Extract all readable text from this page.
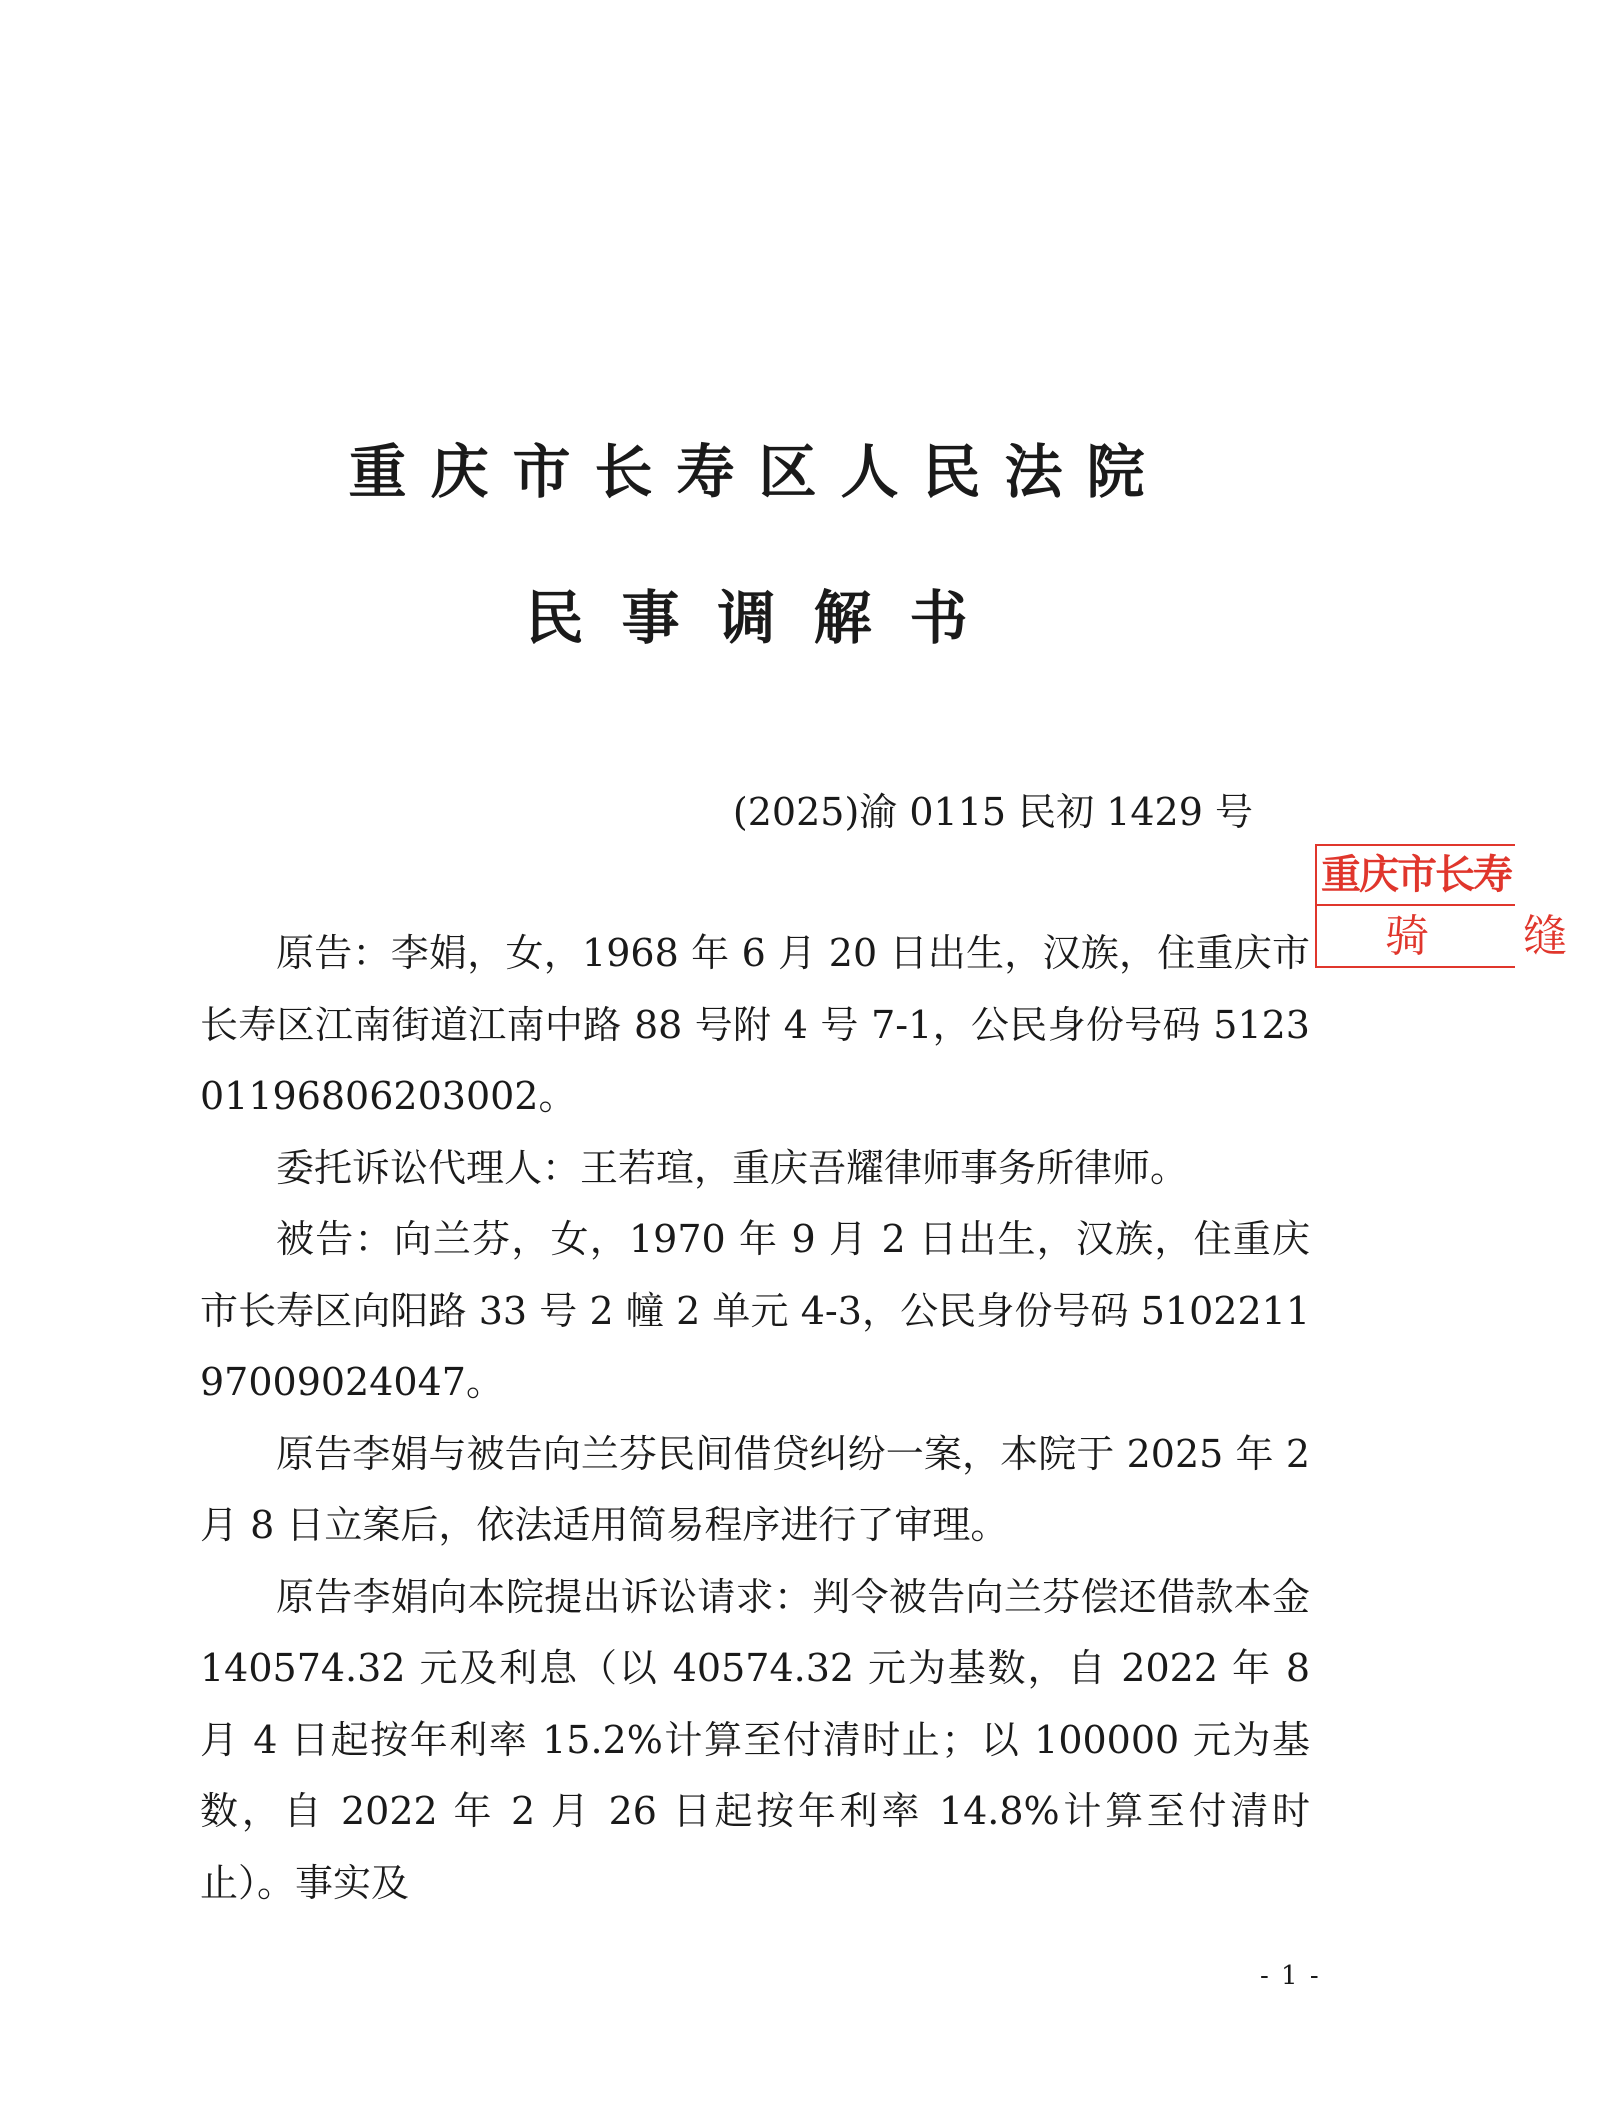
重庆市长寿区人民法院
民事调解书
(2025)渝 0115 民初 1429 号
重庆市长寿
骑 缝

原告：李娟，女，1968 年 6 月 20 日出生，汉族，住重庆市长寿区江南街道江南中路 88 号附 4 号 7-1，公民身份号码 512301196806203002。

委托诉讼代理人：王若瑄，重庆吾耀律师事务所律师。

被告：向兰芬，女，1970 年 9 月 2 日出生，汉族，住重庆市长寿区向阳路 33 号 2 幢 2 单元 4-3，公民身份号码 510221197009024047。

原告李娟与被告向兰芬民间借贷纠纷一案，本院于 2025 年 2 月 8 日立案后，依法适用简易程序进行了审理。

原告李娟向本院提出诉讼请求：判令被告向兰芬偿还借款本金 140574.32 元及利息（以 40574.32 元为基数，自 2022 年 8 月 4 日起按年利率 15.2%计算至付清时止；以 100000 元为基数，自 2022 年 2 月 26 日起按年利率 14.8%计算至付清时止）。事实及

- 1 -
